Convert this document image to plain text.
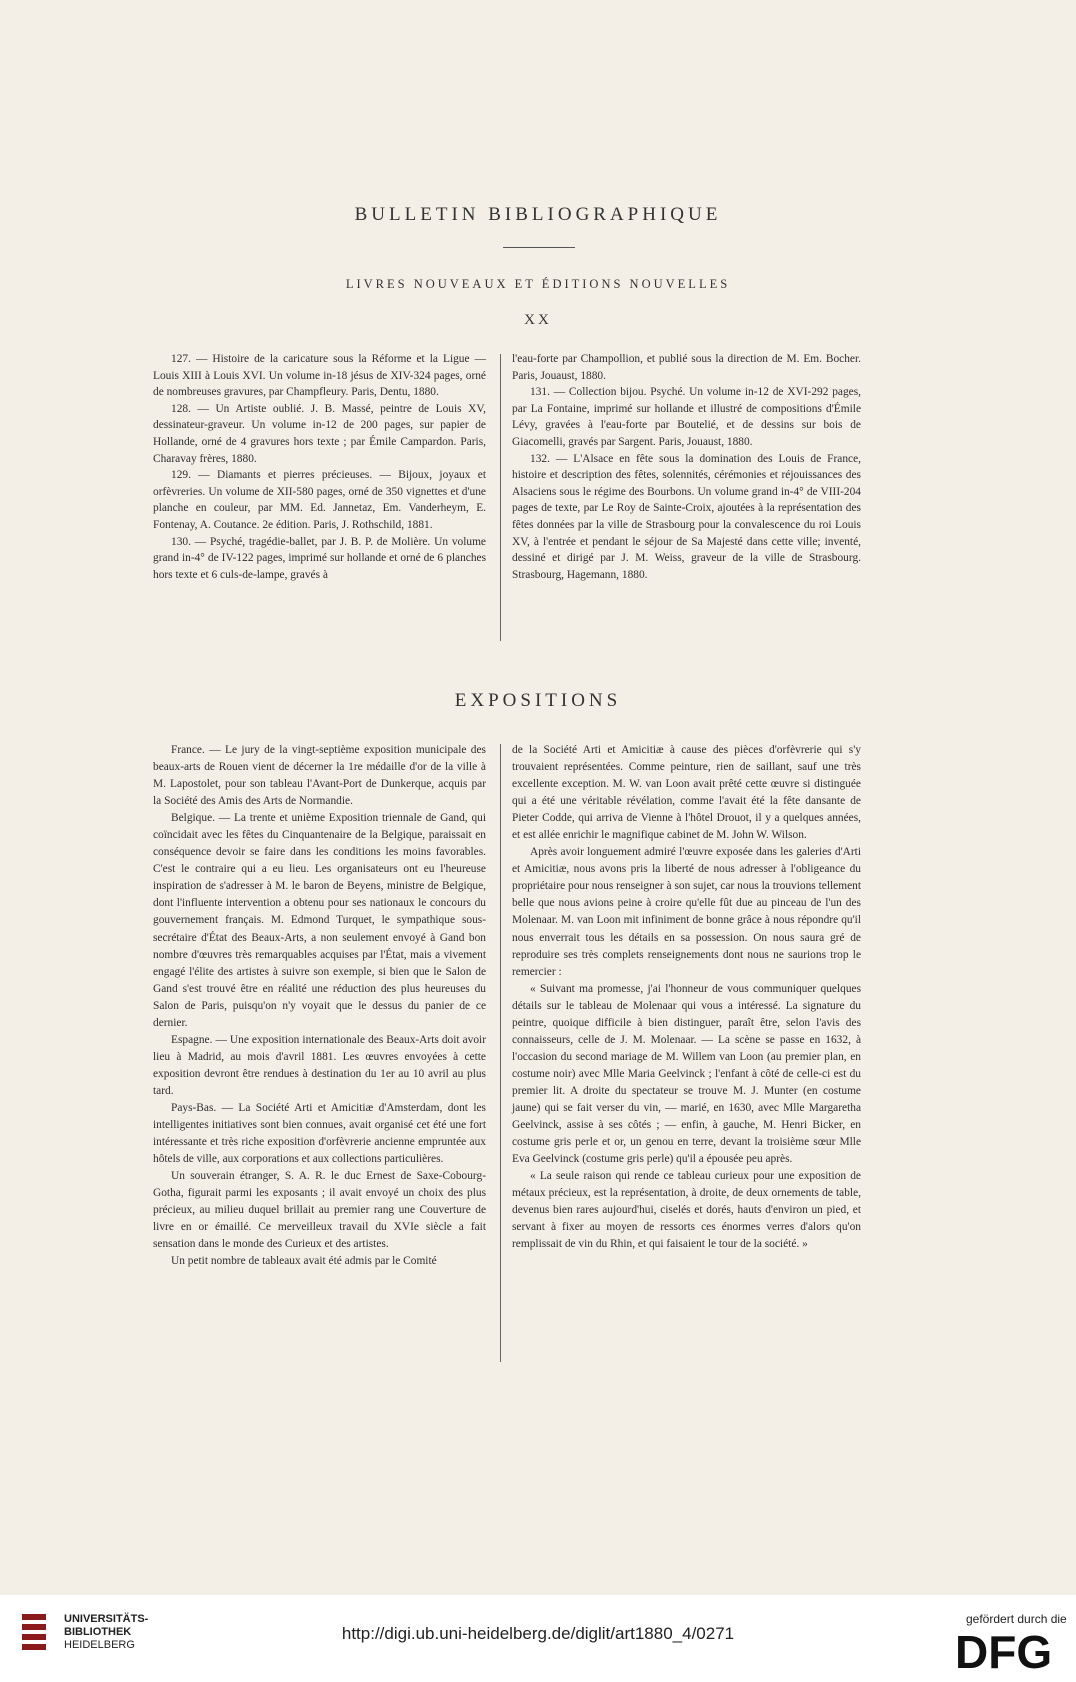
BULLETIN BIBLIOGRAPHIQUE
LIVRES NOUVEAUX ET ÉDITIONS NOUVELLES
XX

127. — Histoire de la caricature sous la Réforme et la Ligue — Louis XIII à Louis XVI. Un volume in-18 jésus de XIV-324 pages, orné de nombreuses gravures, par Champfleury. Paris, Dentu, 1880.

128. — Un Artiste oublié. J. B. Massé, peintre de Louis XV, dessinateur-graveur. Un volume in-12 de 200 pages, sur papier de Hollande, orné de 4 gravures hors texte ; par Émile Campardon. Paris, Charavay frères, 1880.

129. — Diamants et pierres précieuses. — Bijoux, joyaux et orfèvreries. Un volume de XII-580 pages, orné de 350 vignettes et d'une planche en couleur, par MM. Ed. Jannetaz, Em. Vanderheym, E. Fontenay, A. Coutance. 2e édition. Paris, J. Rothschild, 1881.

130. — Psyché, tragédie-ballet, par J. B. P. de Molière. Un volume grand in-4° de IV-122 pages, imprimé sur hollande et orné de 6 planches hors texte et 6 culs-de-lampe, gravés à

l'eau-forte par Champollion, et publié sous la direction de M. Em. Bocher. Paris, Jouaust, 1880.

131. — Collection bijou. Psyché. Un volume in-12 de XVI-292 pages, par La Fontaine, imprimé sur hollande et illustré de compositions d'Émile Lévy, gravées à l'eau-forte par Boutelié, et de dessins sur bois de Giacomelli, gravés par Sargent. Paris, Jouaust, 1880.

132. — L'Alsace en fête sous la domination des Louis de France, histoire et description des fêtes, solennités, cérémonies et réjouissances des Alsaciens sous le régime des Bourbons. Un volume grand in-4° de VIII-204 pages de texte, par Le Roy de Sainte-Croix, ajoutées à la représentation des fêtes données par la ville de Strasbourg pour la convalescence du roi Louis XV, à l'entrée et pendant le séjour de Sa Majesté dans cette ville; inventé, dessiné et dirigé par J. M. Weiss, graveur de la ville de Strasbourg. Strasbourg, Hagemann, 1880.

EXPOSITIONS

France. — Le jury de la vingt-septième exposition municipale des beaux-arts de Rouen vient de décerner la 1re médaille d'or de la ville à M. Lapostolet, pour son tableau l'Avant-Port de Dunkerque, acquis par la Société des Amis des Arts de Normandie.

Belgique. — La trente et unième Exposition triennale de Gand, qui coïncidait avec les fêtes du Cinquantenaire de la Belgique, paraissait en conséquence devoir se faire dans les conditions les moins favorables. C'est le contraire qui a eu lieu. Les organisateurs ont eu l'heureuse inspiration de s'adresser à M. le baron de Beyens, ministre de Belgique, dont l'influente intervention a obtenu pour ses nationaux le concours du gouvernement français. M. Edmond Turquet, le sympathique sous-secrétaire d'État des Beaux-Arts, a non seulement envoyé à Gand bon nombre d'œuvres très remarquables acquises par l'État, mais a vivement engagé l'élite des artistes à suivre son exemple, si bien que le Salon de Gand s'est trouvé être en réalité une réduction des plus heureuses du Salon de Paris, puisqu'on n'y voyait que le dessus du panier de ce dernier.

Espagne. — Une exposition internationale des Beaux-Arts doit avoir lieu à Madrid, au mois d'avril 1881. Les œuvres envoyées à cette exposition devront être rendues à destination du 1er au 10 avril au plus tard.

Pays-Bas. — La Société Arti et Amicitiæ d'Amsterdam, dont les intelligentes initiatives sont bien connues, avait organisé cet été une fort intéressante et très riche exposition d'orfèvrerie ancienne empruntée aux hôtels de ville, aux corporations et aux collections particulières.

Un souverain étranger, S. A. R. le duc Ernest de Saxe-Cobourg-Gotha, figurait parmi les exposants ; il avait envoyé un choix des plus précieux, au milieu duquel brillait au premier rang une Couverture de livre en or émaillé. Ce merveilleux travail du XVIe siècle a fait sensation dans le monde des Curieux et des artistes.

Un petit nombre de tableaux avait été admis par le Comité

de la Société Arti et Amicitiæ à cause des pièces d'orfèvrerie qui s'y trouvaient représentées. Comme peinture, rien de saillant, sauf une très excellente exception. M. W. van Loon avait prêté cette œuvre si distinguée qui a été une véritable révélation, comme l'avait été la fête dansante de Pieter Codde, qui arriva de Vienne à l'hôtel Drouot, il y a quelques années, et est allée enrichir le magnifique cabinet de M. John W. Wilson.

Après avoir longuement admiré l'œuvre exposée dans les galeries d'Arti et Amicitiæ, nous avons pris la liberté de nous adresser à l'obligeance du propriétaire pour nous renseigner à son sujet, car nous la trouvions tellement belle que nous avions peine à croire qu'elle fût due au pinceau de l'un des Molenaar. M. van Loon mit infiniment de bonne grâce à nous répondre qu'il nous enverrait tous les détails en sa possession. On nous saura gré de reproduire ses très complets renseignements dont nous ne saurions trop le remercier :

« Suivant ma promesse, j'ai l'honneur de vous communiquer quelques détails sur le tableau de Molenaar qui vous a intéressé. La signature du peintre, quoique difficile à bien distinguer, paraît être, selon l'avis des connaisseurs, celle de J. M. Molenaar. — La scène se passe en 1632, à l'occasion du second mariage de M. Willem van Loon (au premier plan, en costume noir) avec Mlle Maria Geelvinck ; l'enfant à côté de celle-ci est du premier lit. A droite du spectateur se trouve M. J. Munter (en costume jaune) qui se fait verser du vin, — marié, en 1630, avec Mlle Margaretha Geelvinck, assise à ses côtés ; — enfin, à gauche, M. Henri Bicker, en costume gris perle et or, un genou en terre, devant la troisième sœur Mlle Eva Geelvinck (costume gris perle) qu'il a épousée peu après.

« La seule raison qui rende ce tableau curieux pour une exposition de métaux précieux, est la représentation, à droite, de deux ornements de table, devenus bien rares aujourd'hui, ciselés et dorés, hauts d'environ un pied, et servant à fixer au moyen de ressorts ces énormes verres d'alors qu'on remplissait de vin du Rhin, et qui faisaient le tour de la société. »

UNIVERSITÄTS-
BIBLIOTHEK
HEIDELBERG
http://digi.ub.uni-heidelberg.de/diglit/art1880_4/0271
gefördert durch die
DFG
